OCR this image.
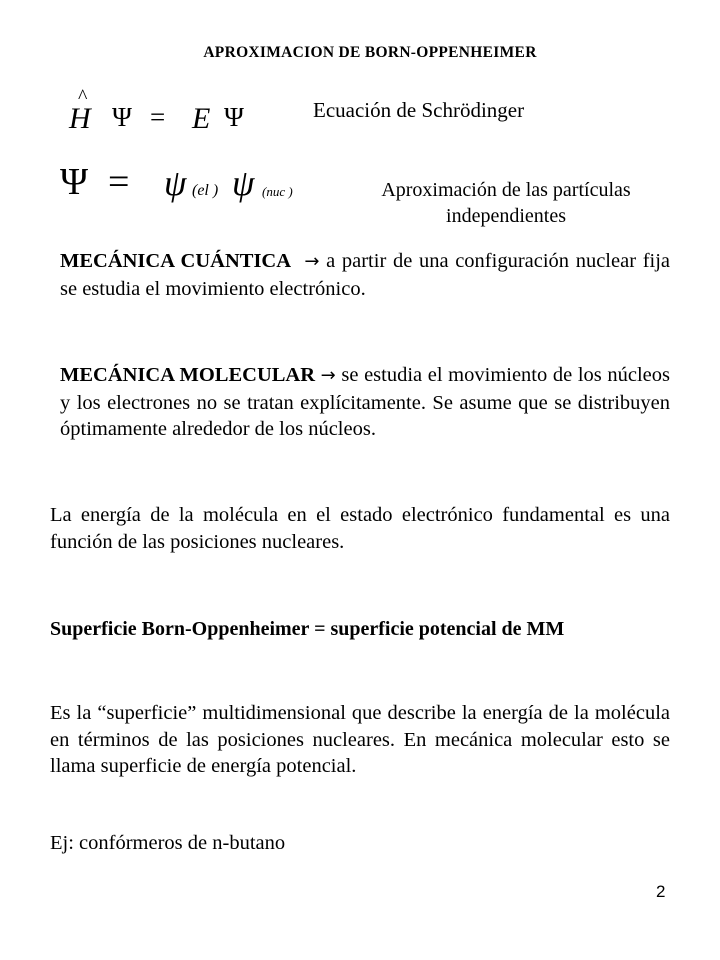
APROXIMACION DE BORN-OPPENHEIMER
^
H Ψ = E Ψ	Ecuación de Schrödinger
Ψ = ψ (el ) ψ (nuc )	Aproximación de las partículas
independientes
MECÁNICA CUÁNTICA → a partir de una configuración nuclear fija se estudia el movimiento electrónico.
MECÁNICA MOLECULAR → se estudia el movimiento de los núcleos y los electrones no se tratan explícitamente. Se asume que se distribuyen óptimamente alrededor de los núcleos.
La energía de la molécula en el estado electrónico fundamental es una función de las posiciones nucleares.
Superficie Born-Oppenheimer = superficie potencial de MM
Es la “superficie” multidimensional que describe la energía de la molécula en términos de las posiciones nucleares. En mecánica molecular esto se llama superficie de energía potencial.
Ej: confórmeros de n-butano
2
